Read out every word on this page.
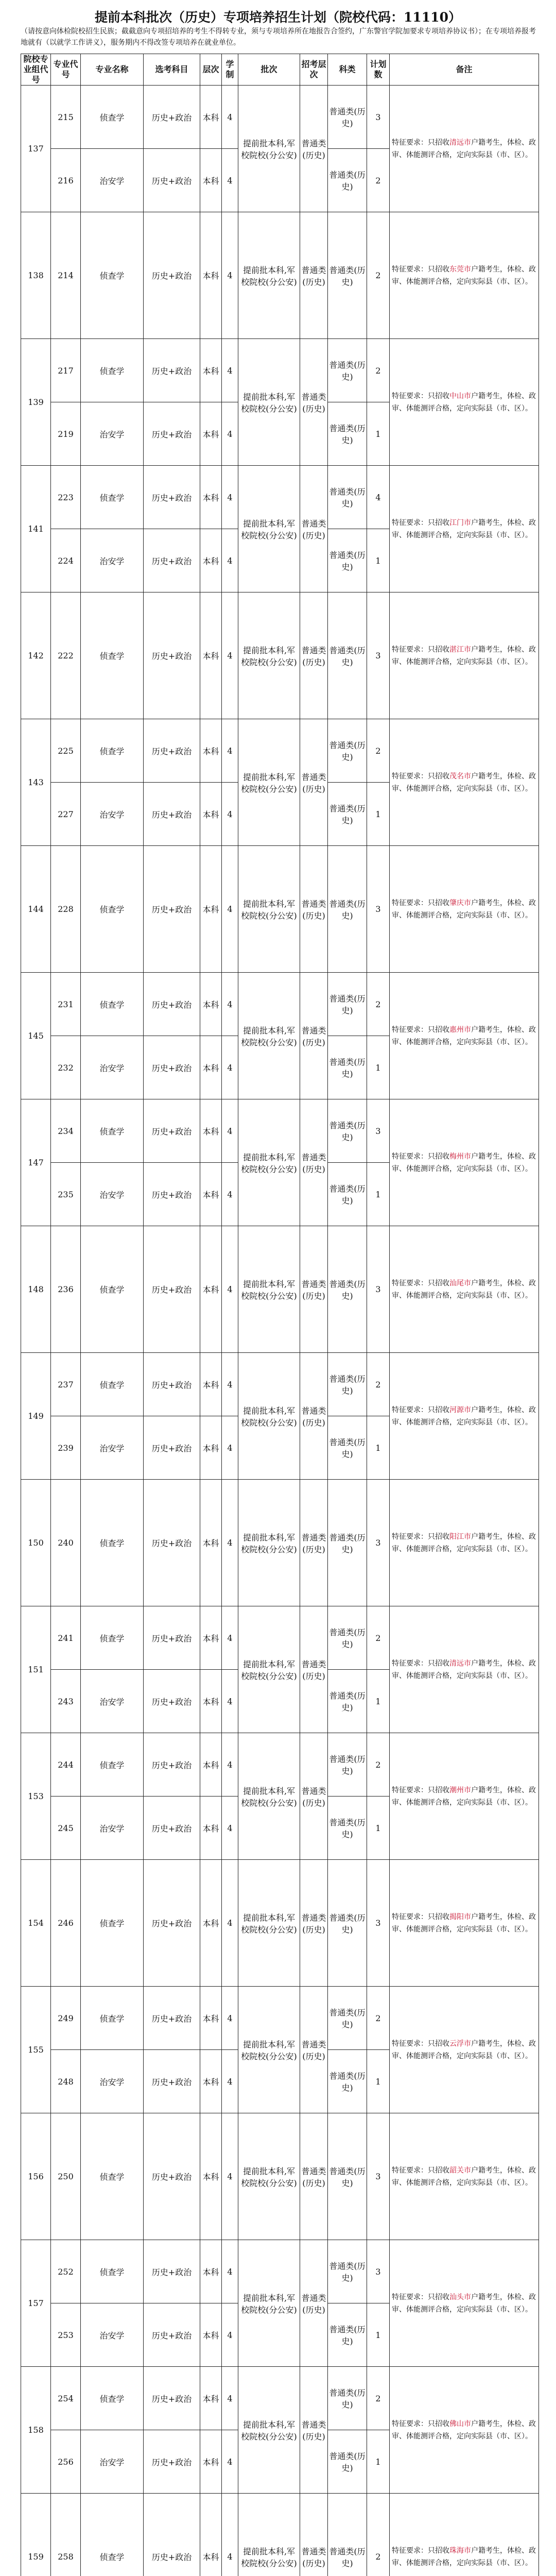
提前本科批次（历史）专项培养招生计划（院校代码：11110）
（请按意向体检院校招生民族；截截意向专项招培养的考生不得转专业，须与专项培养所在地报告合签约，广东警官学院加要求专项培养协议书）；在专项培养报考地就有（以就学工作讲义），服务期内不得改签专项培养在就业单位。
院校专业组代号	专业代号	专业名称	选考科目	层次	学制	批次	招考层次	科类	计划数	备注
137	215	侦查学	历史+政治	本科	4	提前批本科,军校院校(分公安)	普通类(历史)	普通类(历史)	3	特征要求：只招收清远市户籍考生，体检、政审、体能测评合格，定向实际县（市、区）。
	216	治安学	历史+政治	本科	4			普通类(历史)	2	
138	214	侦查学	历史+政治	本科	4	提前批本科,军校院校(分公安)	普通类(历史)	普通类(历史)	2	特征要求：只招收东莞市户籍考生，体检、政审、体能测评合格，定向实际县（市、区）。
139	217	侦查学	历史+政治	本科	4	提前批本科,军校院校(分公安)	普通类(历史)	普通类(历史)	2	特征要求：只招收中山市户籍考生，体检、政审、体能测评合格，定向实际县（市、区）。
	219	治安学	历史+政治	本科	4			普通类(历史)	1	
141	223	侦查学	历史+政治	本科	4	提前批本科,军校院校(分公安)	普通类(历史)	普通类(历史)	4	特征要求：只招收江门市户籍考生，体检、政审、体能测评合格，定向实际县（市、区）。
	224	治安学	历史+政治	本科	4			普通类(历史)	1	
142	222	侦查学	历史+政治	本科	4	提前批本科,军校院校(分公安)	普通类(历史)	普通类(历史)	3	特征要求：只招收湛江市户籍考生，体检、政审、体能测评合格，定向实际县（市、区）。
143	225	侦查学	历史+政治	本科	4	提前批本科,军校院校(分公安)	普通类(历史)	普通类(历史)	2	特征要求：只招收茂名市户籍考生，体检、政审、体能测评合格，定向实际县（市、区）。
	227	治安学	历史+政治	本科	4			普通类(历史)	1	
144	228	侦查学	历史+政治	本科	4	提前批本科,军校院校(分公安)	普通类(历史)	普通类(历史)	3	特征要求：只招收肇庆市户籍考生，体检、政审、体能测评合格，定向实际县（市、区）。
145	231	侦查学	历史+政治	本科	4	提前批本科,军校院校(分公安)	普通类(历史)	普通类(历史)	2	特征要求：只招收惠州市户籍考生，体检、政审、体能测评合格，定向实际县（市、区）。
	232	治安学	历史+政治	本科	4			普通类(历史)	1	
147	234	侦查学	历史+政治	本科	4	提前批本科,军校院校(分公安)	普通类(历史)	普通类(历史)	3	特征要求：只招收梅州市户籍考生，体检、政审、体能测评合格，定向实际县（市、区）。
	235	治安学	历史+政治	本科	4			普通类(历史)	1	
148	236	侦查学	历史+政治	本科	4	提前批本科,军校院校(分公安)	普通类(历史)	普通类(历史)	3	特征要求：只招收汕尾市户籍考生，体检、政审、体能测评合格，定向实际县（市、区）。
149	237	侦查学	历史+政治	本科	4	提前批本科,军校院校(分公安)	普通类(历史)	普通类(历史)	2	特征要求：只招收河源市户籍考生，体检、政审、体能测评合格，定向实际县（市、区）。
	239	治安学	历史+政治	本科	4			普通类(历史)	1	
150	240	侦查学	历史+政治	本科	4	提前批本科,军校院校(分公安)	普通类(历史)	普通类(历史)	3	特征要求：只招收阳江市户籍考生，体检、政审、体能测评合格，定向实际县（市、区）。
151	241	侦查学	历史+政治	本科	4	提前批本科,军校院校(分公安)	普通类(历史)	普通类(历史)	2	特征要求：只招收清远市户籍考生，体检、政审、体能测评合格，定向实际县（市、区）。
	243	治安学	历史+政治	本科	4			普通类(历史)	1	
153	244	侦查学	历史+政治	本科	4	提前批本科,军校院校(分公安)	普通类(历史)	普通类(历史)	2	特征要求：只招收潮州市户籍考生，体检、政审、体能测评合格，定向实际县（市、区）。
	245	治安学	历史+政治	本科	4			普通类(历史)	1	
154	246	侦查学	历史+政治	本科	4	提前批本科,军校院校(分公安)	普通类(历史)	普通类(历史)	3	特征要求：只招收揭阳市户籍考生，体检、政审、体能测评合格，定向实际县（市、区）。
155	249	侦查学	历史+政治	本科	4	提前批本科,军校院校(分公安)	普通类(历史)	普通类(历史)	2	特征要求：只招收云浮市户籍考生，体检、政审、体能测评合格，定向实际县（市、区）。
	248	治安学	历史+政治	本科	4			普通类(历史)	1	
156	250	侦查学	历史+政治	本科	4	提前批本科,军校院校(分公安)	普通类(历史)	普通类(历史)	3	特征要求：只招收韶关市户籍考生，体检、政审、体能测评合格，定向实际县（市、区）。
157	252	侦查学	历史+政治	本科	4	提前批本科,军校院校(分公安)	普通类(历史)	普通类(历史)	3	特征要求：只招收汕头市户籍考生，体检、政审、体能测评合格，定向实际县（市、区）。
	253	治安学	历史+政治	本科	4			普通类(历史)	1	
158	254	侦查学	历史+政治	本科	4	提前批本科,军校院校(分公安)	普通类(历史)	普通类(历史)	2	特征要求：只招收佛山市户籍考生，体检、政审、体能测评合格，定向实际县（市、区）。
	256	治安学	历史+政治	本科	4			普通类(历史)	1	
159	258	侦查学	历史+政治	本科	4	提前批本科,军校院校(分公安)	普通类(历史)	普通类(历史)	2	特征要求：只招收珠海市户籍考生，体检、政审、体能测评合格，定向实际县（市、区）。
